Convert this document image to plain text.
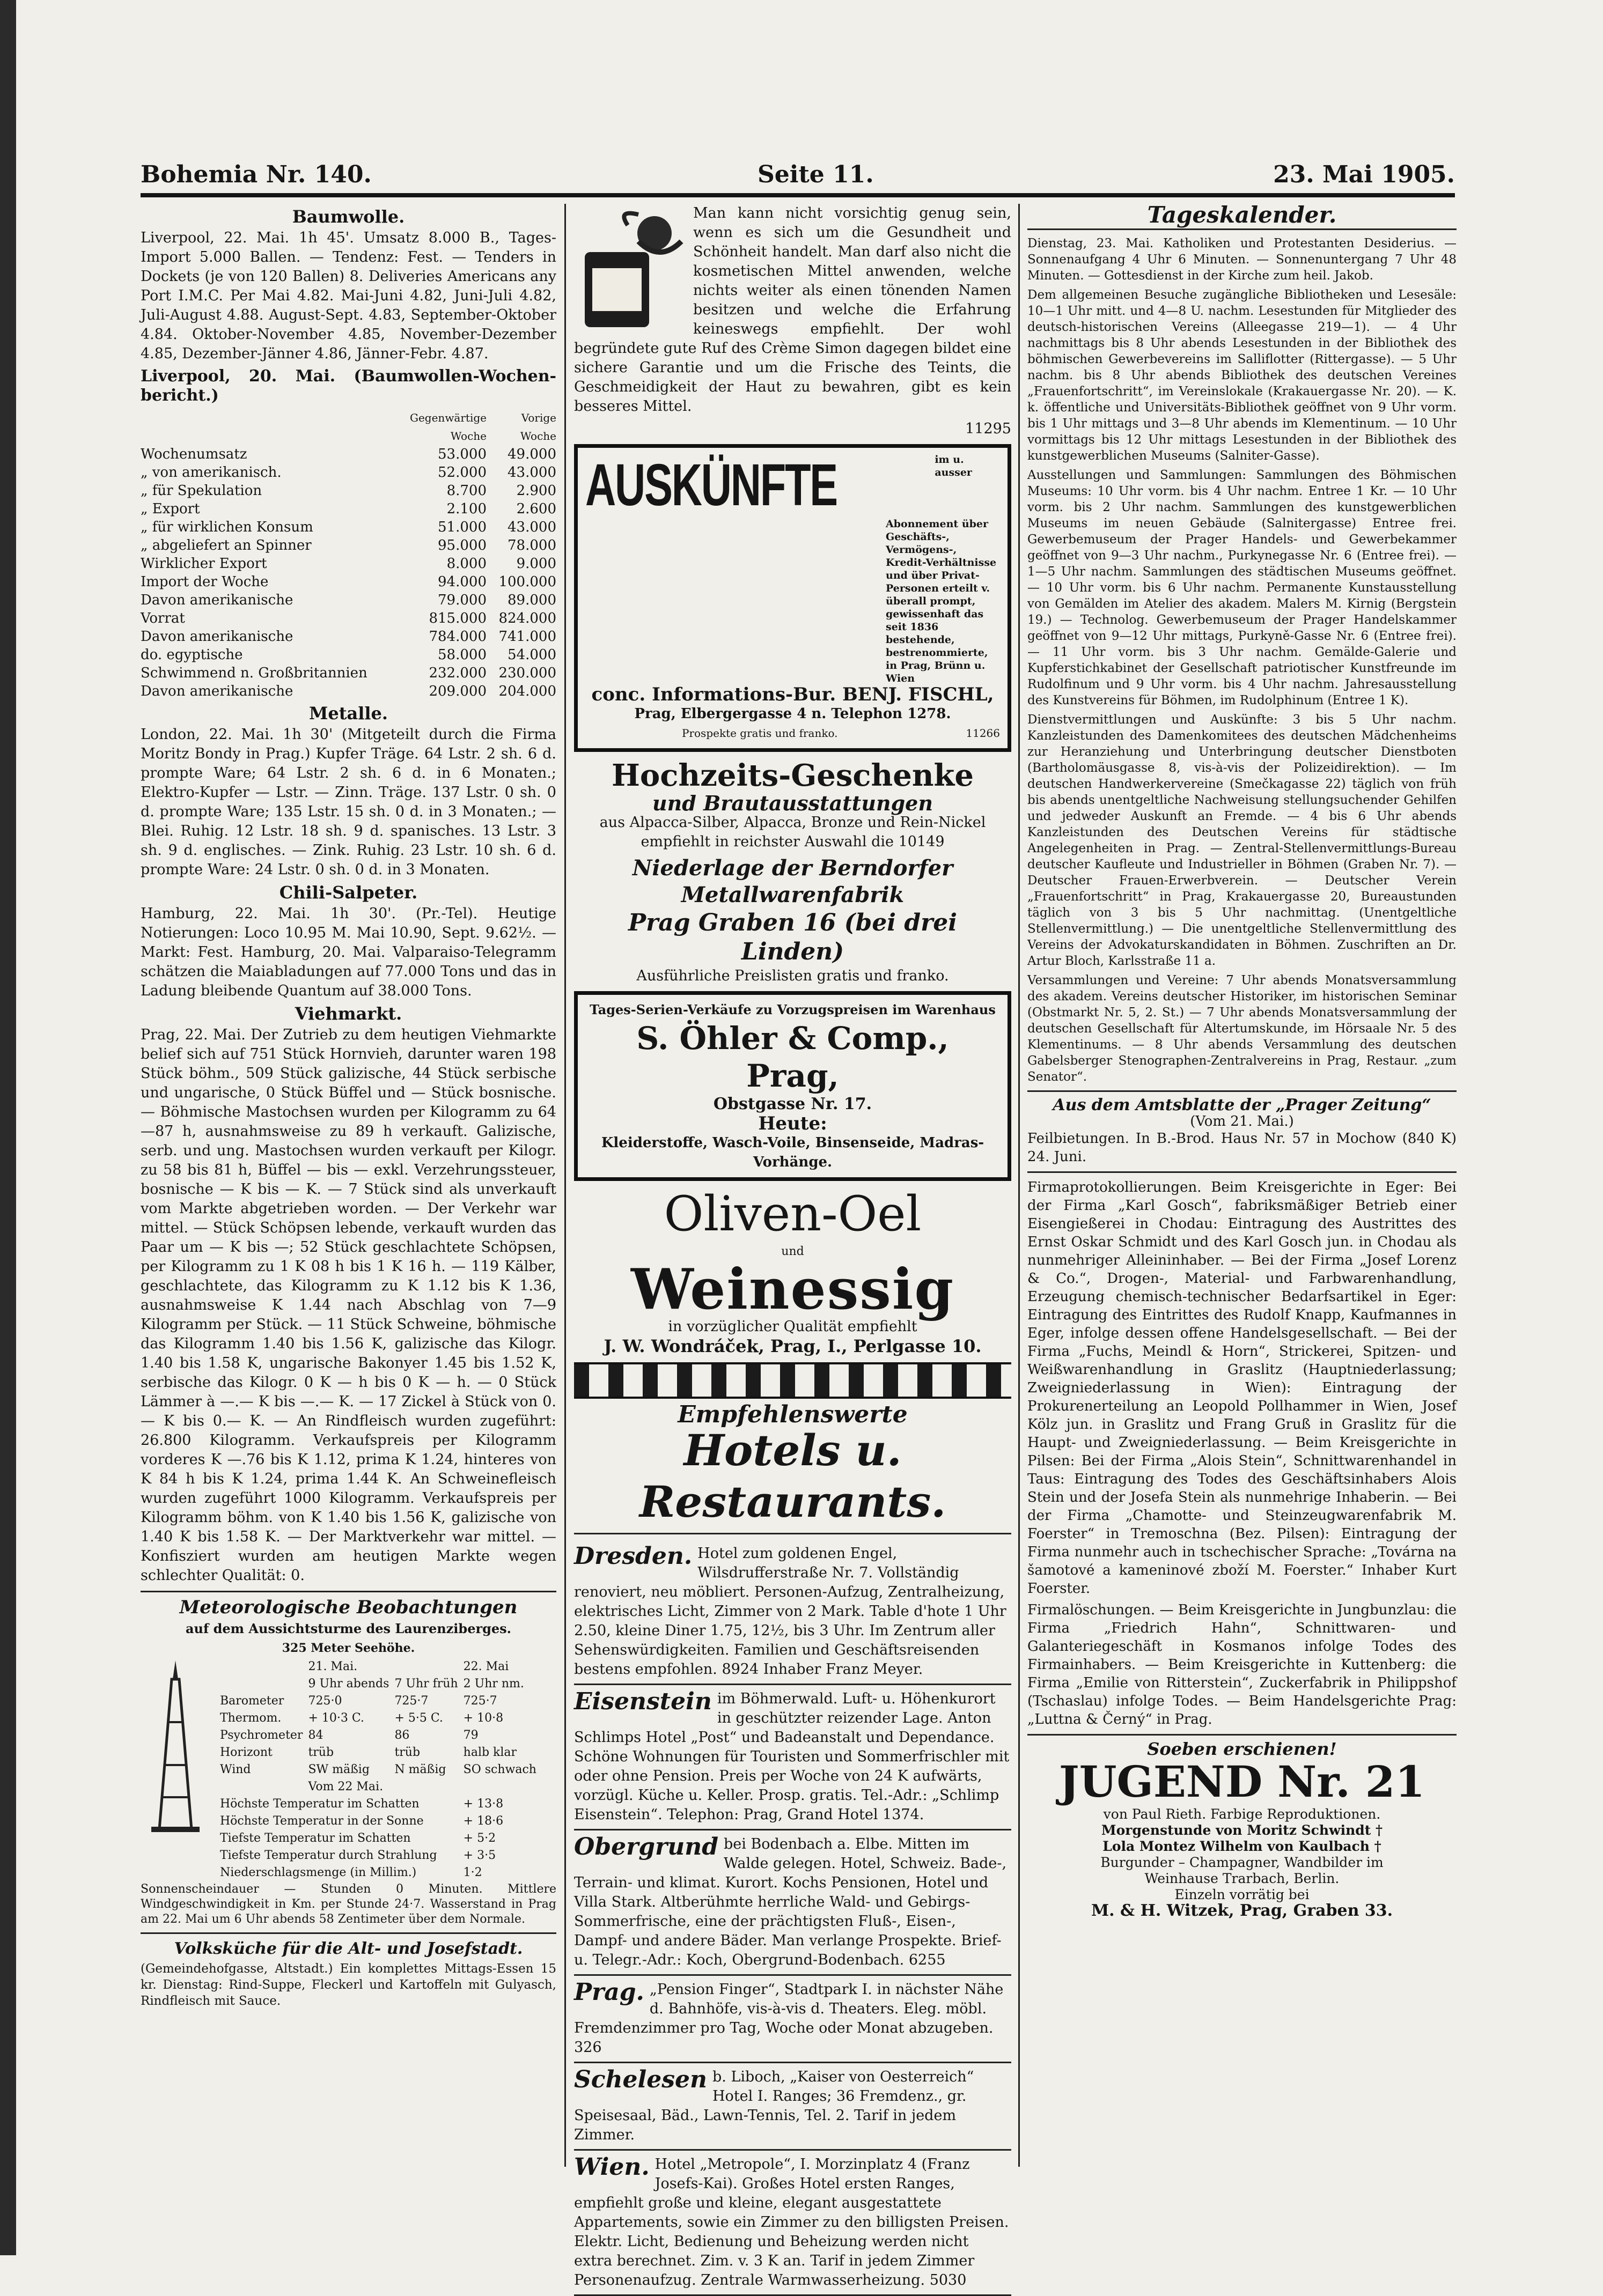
Bohemia Nr. 140.	Seite 11.	23. Mai 1905.
Baumwolle.

Liverpool, 22. Mai. 1h 45'. Umsatz 8.000 B., Tages-Import 5.000 Ballen. — Tendenz: Fest. — Tenders in Dockets (je von 120 Ballen) 8. Deliveries Americans any Port I.M.C. Per Mai 4.82. Mai-Juni 4.82, Juni-Juli 4.82, Juli-August 4.88. August-Sept. 4.83, September-Oktober 4.84. Oktober-November 4.85, November-Dezember 4.85, Dezember-Jänner 4.86, Jänner-Febr. 4.87.

Liverpool, 20. Mai. (Baumwollen-Wochen-bericht.)

	Gegenwärtige Woche	Vorige Woche
Wochenumsatz	53.000	49.000
„ von amerikanisch.	52.000	43.000
„ für Spekulation	8.700	2.900
„ Export	2.100	2.600
„ für wirklichen Konsum	51.000	43.000
„ abgeliefert an Spinner	95.000	78.000
Wirklicher Export	8.000	9.000
Import der Woche	94.000	100.000
Davon amerikanische	79.000	89.000
Vorrat	815.000	824.000
Davon amerikanische	784.000	741.000
do. egyptische	58.000	54.000
Schwimmend n. Großbritannien	232.000	230.000
Davon amerikanische	209.000	204.000
Metalle.

London, 22. Mai. 1h 30' (Mitgeteilt durch die Firma Moritz Bondy in Prag.) Kupfer Träge. 64 Lstr. 2 sh. 6 d. prompte Ware; 64 Lstr. 2 sh. 6 d. in 6 Monaten.; Elektro-Kupfer — Lstr. — Zinn. Träge. 137 Lstr. 0 sh. 0 d. prompte Ware; 135 Lstr. 15 sh. 0 d. in 3 Monaten.; — Blei. Ruhig. 12 Lstr. 18 sh. 9 d. spanisches. 13 Lstr. 3 sh. 9 d. englisches. — Zink. Ruhig. 23 Lstr. 10 sh. 6 d. prompte Ware: 24 Lstr. 0 sh. 0 d. in 3 Monaten.

Chili-Salpeter.

Hamburg, 22. Mai. 1h 30'. (Pr.-Tel). Heutige Notierungen: Loco 10.95 M. Mai 10.90, Sept. 9.62½. — Markt: Fest. Hamburg, 20. Mai. Valparaiso-Telegramm schätzen die Maiabladungen auf 77.000 Tons und das in Ladung bleibende Quantum auf 38.000 Tons.

Viehmarkt.

Prag, 22. Mai. Der Zutrieb zu dem heutigen Viehmarkte belief sich auf 751 Stück Hornvieh, darunter waren 198 Stück böhm., 509 Stück galizische, 44 Stück serbische und ungarische, 0 Stück Büffel und — Stück bosnische. — Böhmische Mastochsen wurden per Kilogramm zu 64—87 h, ausnahmsweise zu 89 h verkauft. Galizische, serb. und ung. Mastochsen wurden verkauft per Kilogr. zu 58 bis 81 h, Büffel — bis — exkl. Verzehrungssteuer, bosnische — K bis — K. — 7 Stück sind als unverkauft vom Markte abgetrieben worden. — Der Verkehr war mittel. — Stück Schöpsen lebende, verkauft wurden das Paar um — K bis —; 52 Stück geschlachtete Schöpsen, per Kilogramm zu 1 K 08 h bis 1 K 16 h. — 119 Kälber, geschlachtete, das Kilogramm zu K 1.12 bis K 1.36, ausnahmsweise K 1.44 nach Abschlag von 7—9 Kilogramm per Stück. — 11 Stück Schweine, böhmische das Kilogramm 1.40 bis 1.56 K, galizische das Kilogr. 1.40 bis 1.58 K, ungarische Bakonyer 1.45 bis 1.52 K, serbische das Kilogr. 0 K — h bis 0 K — h. — 0 Stück Lämmer à —.— K bis —.— K. — 17 Zickel à Stück von 0.— K bis 0.— K. — An Rindfleisch wurden zugeführt: 26.800 Kilogramm. Verkaufspreis per Kilogramm vorderes K —.76 bis K 1.12, prima K 1.24, hinteres von K 84 h bis K 1.24, prima 1.44 K. An Schweinefleisch wurden zugeführt 1000 Kilogramm. Verkaufspreis per Kilogramm böhm. von K 1.40 bis 1.56 K, galizische von 1.40 K bis 1.58 K. — Der Marktverkehr war mittel. — Konfisziert wurden am heutigen Markte wegen schlechter Qualität: 0.

Meteorologische Beobachtungen
auf dem Aussichtsturme des Laurenziberges.
325 Meter Seehöhe.
	21. Mai.		22. Mai
	9 Uhr abends	7 Uhr früh	2 Uhr nm.
Barometer	725·0	725·7	725·7
Thermom.	+ 10·3 C.	+ 5·5 C.	+ 10·8
Psychrometer	84	86	79
Horizont	trüb	trüb	halb klar
Wind	SW mäßig	N mäßig	SO schwach
	Vom 22 Mai.		
Höchste Temperatur im Schatten			+ 13·8
Höchste Temperatur in der Sonne			+ 18·6
Tiefste Temperatur im Schatten			+ 5·2
Tiefste Temperatur durch Strahlung			+ 3·5
Niederschlagsmenge (in Millim.)			1·2

Sonnenscheindauer — Stunden 0 Minuten. Mittlere Windgeschwindigkeit in Km. per Stunde 24·7. Wasserstand in Prag am 22. Mai um 6 Uhr abends 58 Zentimeter über dem Normale.

Volksküche für die Alt- und Josefstadt.

(Gemeindehofgasse, Altstadt.) Ein komplettes Mittags-Essen 15 kr. Dienstag: Rind-Suppe, Fleckerl und Kartoffeln mit Gulyasch, Rindfleisch mit Sauce.

Man kann nicht vorsichtig genug sein, wenn es sich um die Gesundheit und Schönheit handelt. Man darf also nicht die kosmetischen Mittel anwenden, welche nichts weiter als einen tönenden Namen besitzen und welche die Erfahrung keineswegs empfiehlt. Der wohl begründete gute Ruf des Crème Simon dagegen bildet eine sichere Garantie und um die Frische des Teints, die Geschmeidigkeit der Haut zu bewahren, gibt es kein besseres Mittel.

11295
AUSKÜNFTE	im u. ausser Abonnement über Geschäfts-, Vermögens-, Kredit-Verhältnisse und über Privat-Personen erteilt v. überall prompt, gewissenhaft das seit 1836 bestehende, bestrenommierte, in Prag, Brünn u. Wien
conc. Informations-Bur. BENJ. FISCHL,
Prag, Elbergergasse 4 n. Telephon 1278.
Prospekte gratis und franko.	11266
Hochzeits-Geschenke
und Brautausstattungen

aus Alpacca-Silber, Alpacca, Bronze und Rein-Nickel empfiehlt in reichster Auswahl die 10149

Niederlage der Berndorfer Metallwarenfabrik
Prag Graben 16 (bei drei Linden)
Ausführliche Preislisten gratis und franko.
Tages-Serien-Verkäufe zu Vorzugspreisen im Warenhaus
S. Öhler & Comp., Prag,
Obstgasse Nr. 17.
Heute:
Kleiderstoffe, Wasch-Voile, Binsenseide, Madras-Vorhänge.
Oliven-Oel
und
Weinessig
in vorzüglicher Qualität empfiehlt
J. W. Wondráček, Prag, I., Perlgasse 10.
Empfehlenswerte
Hotels u. Restaurants.
Dresden. Hotel zum goldenen Engel, Wilsdrufferstraße Nr. 7. Vollständig renoviert, neu möbliert. Personen-Aufzug, Zentralheizung, elektrisches Licht, Zimmer von 2 Mark. Table d'hote 1 Uhr 2.50, kleine Diner 1.75, 12½, bis 3 Uhr. Im Zentrum aller Sehenswürdigkeiten. Familien und Geschäftsreisenden bestens empfohlen. 8924 Inhaber Franz Meyer.
Eisenstein im Böhmerwald. Luft- u. Höhenkurort in geschützter reizender Lage. Anton Schlimps Hotel „Post“ und Badeanstalt und Dependance. Schöne Wohnungen für Touristen und Sommerfrischler mit oder ohne Pension. Preis per Woche von 24 K aufwärts, vorzügl. Küche u. Keller. Prosp. gratis. Tel.-Adr.: „Schlimp Eisenstein“. Telephon: Prag, Grand Hotel 1374.
Obergrund bei Bodenbach a. Elbe. Mitten im Walde gelegen. Hotel, Schweiz. Bade-, Terrain- und klimat. Kurort. Kochs Pensionen, Hotel und Villa Stark. Altberühmte herrliche Wald- und Gebirgs-Sommerfrische, eine der prächtigsten Fluß-, Eisen-, Dampf- und andere Bäder. Man verlange Prospekte. Brief- u. Telegr.-Adr.: Koch, Obergrund-Bodenbach. 6255
Prag. „Pension Finger“, Stadtpark I. in nächster Nähe d. Bahnhöfe, vis-à-vis d. Theaters. Eleg. möbl. Fremdenzimmer pro Tag, Woche oder Monat abzugeben. 326
Schelesen b. Liboch, „Kaiser von Oesterreich“ Hotel I. Ranges; 36 Fremdenz., gr. Speisesaal, Bäd., Lawn-Tennis, Tel. 2. Tarif in jedem Zimmer.
Wien. Hotel „Metropole“, I. Morzinplatz 4 (Franz Josefs-Kai). Großes Hotel ersten Ranges, empfiehlt große und kleine, elegant ausgestattete Appartements, sowie ein Zimmer zu den billigsten Preisen. Elektr. Licht, Bedienung und Beheizung werden nicht extra berechnet. Zim. v. 3 K an. Tarif in jedem Zimmer Personenaufzug. Zentrale Warmwasserheizung. 5030
Tageskalender.

Dienstag, 23. Mai. Katholiken und Protestanten Desiderius. — Sonnenaufgang 4 Uhr 6 Minuten. — Sonnenuntergang 7 Uhr 48 Minuten. — Gottesdienst in der Kirche zum heil. Jakob.

Dem allgemeinen Besuche zugängliche Bibliotheken und Lesesäle: 10—1 Uhr mitt. und 4—8 U. nachm. Lesestunden für Mitglieder des deutsch-historischen Vereins (Alleegasse 219—1). — 4 Uhr nachmittags bis 8 Uhr abends Lesestunden in der Bibliothek des böhmischen Gewerbevereins im Salliflotter (Rittergasse). — 5 Uhr nachm. bis 8 Uhr abends Bibliothek des deutschen Vereines „Frauenfortschritt“, im Vereinslokale (Krakauergasse Nr. 20). — K. k. öffentliche und Universitäts-Bibliothek geöffnet von 9 Uhr vorm. bis 1 Uhr mittags und 3—8 Uhr abends im Klementinum. — 10 Uhr vormittags bis 12 Uhr mittags Lesestunden in der Bibliothek des kunstgewerblichen Museums (Salniter-Gasse).

Ausstellungen und Sammlungen: Sammlungen des Böhmischen Museums: 10 Uhr vorm. bis 4 Uhr nachm. Entree 1 Kr. — 10 Uhr vorm. bis 2 Uhr nachm. Sammlungen des kunstgewerblichen Museums im neuen Gebäude (Salnitergasse) Entree frei. Gewerbemuseum der Prager Handels- und Gewerbekammer geöffnet von 9—3 Uhr nachm., Purkynegasse Nr. 6 (Entree frei). — 1—5 Uhr nachm. Sammlungen des städtischen Museums geöffnet. — 10 Uhr vorm. bis 6 Uhr nachm. Permanente Kunstausstellung von Gemälden im Atelier des akadem. Malers M. Kirnig (Bergstein 19.) — Technolog. Gewerbemuseum der Prager Handelskammer geöffnet von 9—12 Uhr mittags, Purkyně-Gasse Nr. 6 (Entree frei). — 11 Uhr vorm. bis 3 Uhr nachm. Gemälde-Galerie und Kupferstichkabinet der Gesellschaft patriotischer Kunstfreunde im Rudolfinum und 9 Uhr vorm. bis 4 Uhr nachm. Jahresausstellung des Kunstvereins für Böhmen, im Rudolphinum (Entree 1 K).

Dienstvermittlungen und Auskünfte: 3 bis 5 Uhr nachm. Kanzleistunden des Damenkomitees des deutschen Mädchenheims zur Heranziehung und Unterbringung deutscher Dienstboten (Bartholomäusgasse 8, vis-à-vis der Polizeidirektion). — Im deutschen Handwerkervereine (Smečkagasse 22) täglich von früh bis abends unentgeltliche Nachweisung stellungsuchender Gehilfen und jedweder Auskunft an Fremde. — 4 bis 6 Uhr abends Kanzleistunden des Deutschen Vereins für städtische Angelegenheiten in Prag. — Zentral-Stellenvermittlungs-Bureau deutscher Kaufleute und Industrieller in Böhmen (Graben Nr. 7). — Deutscher Frauen-Erwerbverein. — Deutscher Verein „Frauenfortschritt“ in Prag, Krakauergasse 20, Bureaustunden täglich von 3 bis 5 Uhr nachmittag. (Unentgeltliche Stellenvermittlung.) — Die unentgeltliche Stellenvermittlung des Vereins der Advokaturskandidaten in Böhmen. Zuschriften an Dr. Artur Bloch, Karlsstraße 11 a.

Versammlungen und Vereine: 7 Uhr abends Monatsversammlung des akadem. Vereins deutscher Historiker, im historischen Seminar (Obstmarkt Nr. 5, 2. St.) — 7 Uhr abends Monatsversammlung der deutschen Gesellschaft für Altertumskunde, im Hörsaale Nr. 5 des Klementinums. — 8 Uhr abends Versammlung des deutschen Gabelsberger Stenographen-Zentralvereins in Prag, Restaur. „zum Senator“.

Aus dem Amtsblatte der „Prager Zeitung“
(Vom 21. Mai.)

Feilbietungen. In B.-Brod. Haus Nr. 57 in Mochow (840 K) 24. Juni.

Firmaprotokollierungen. Beim Kreisgerichte in Eger: Bei der Firma „Karl Gosch“, fabriksmäßiger Betrieb einer Eisengießerei in Chodau: Eintragung des Austrittes des Ernst Oskar Schmidt und des Karl Gosch jun. in Chodau als nunmehriger Alleininhaber. — Bei der Firma „Josef Lorenz & Co.“, Drogen-, Material- und Farbwarenhandlung, Erzeugung chemisch-technischer Bedarfsartikel in Eger: Eintragung des Eintrittes des Rudolf Knapp, Kaufmannes in Eger, infolge dessen offene Handelsgesellschaft. — Bei der Firma „Fuchs, Meindl & Horn“, Strickerei, Spitzen- und Weißwarenhandlung in Graslitz (Hauptniederlassung; Zweigniederlassung in Wien): Eintragung der Prokurenerteilung an Leopold Pollhammer in Wien, Josef Kölz jun. in Graslitz und Frang Gruß in Graslitz für die Haupt- und Zweigniederlassung. — Beim Kreisgerichte in Pilsen: Bei der Firma „Alois Stein“, Schnittwarenhandel in Taus: Eintragung des Todes des Geschäftsinhabers Alois Stein und der Josefa Stein als nunmehrige Inhaberin. — Bei der Firma „Chamotte- und Steinzeugwarenfabrik M. Foerster“ in Tremoschna (Bez. Pilsen): Eintragung der Firma nunmehr auch in tschechischer Sprache: „Továrna na šamotové a kameninové zboží M. Foerster.“ Inhaber Kurt Foerster.

Firmalöschungen. — Beim Kreisgerichte in Jungbunzlau: die Firma „Friedrich Hahn“, Schnittwaren- und Galanteriegeschäft in Kosmanos infolge Todes des Firmainhabers. — Beim Kreisgerichte in Kuttenberg: die Firma „Emilie von Ritterstein“, Zuckerfabrik in Philippshof (Tschaslau) infolge Todes. — Beim Handelsgerichte Prag: „Luttna & Černý“ in Prag.

Soeben erschienen!
JUGEND Nr. 21
von Paul Rieth. Farbige Reproduktionen.
Morgenstunde von Moritz Schwindt †
Lola Montez Wilhelm von Kaulbach †
Burgunder – Champagner, Wandbilder im
Weinhause Trarbach, Berlin.
Einzeln vorrätig bei
M. & H. Witzek, Prag, Graben 33.
